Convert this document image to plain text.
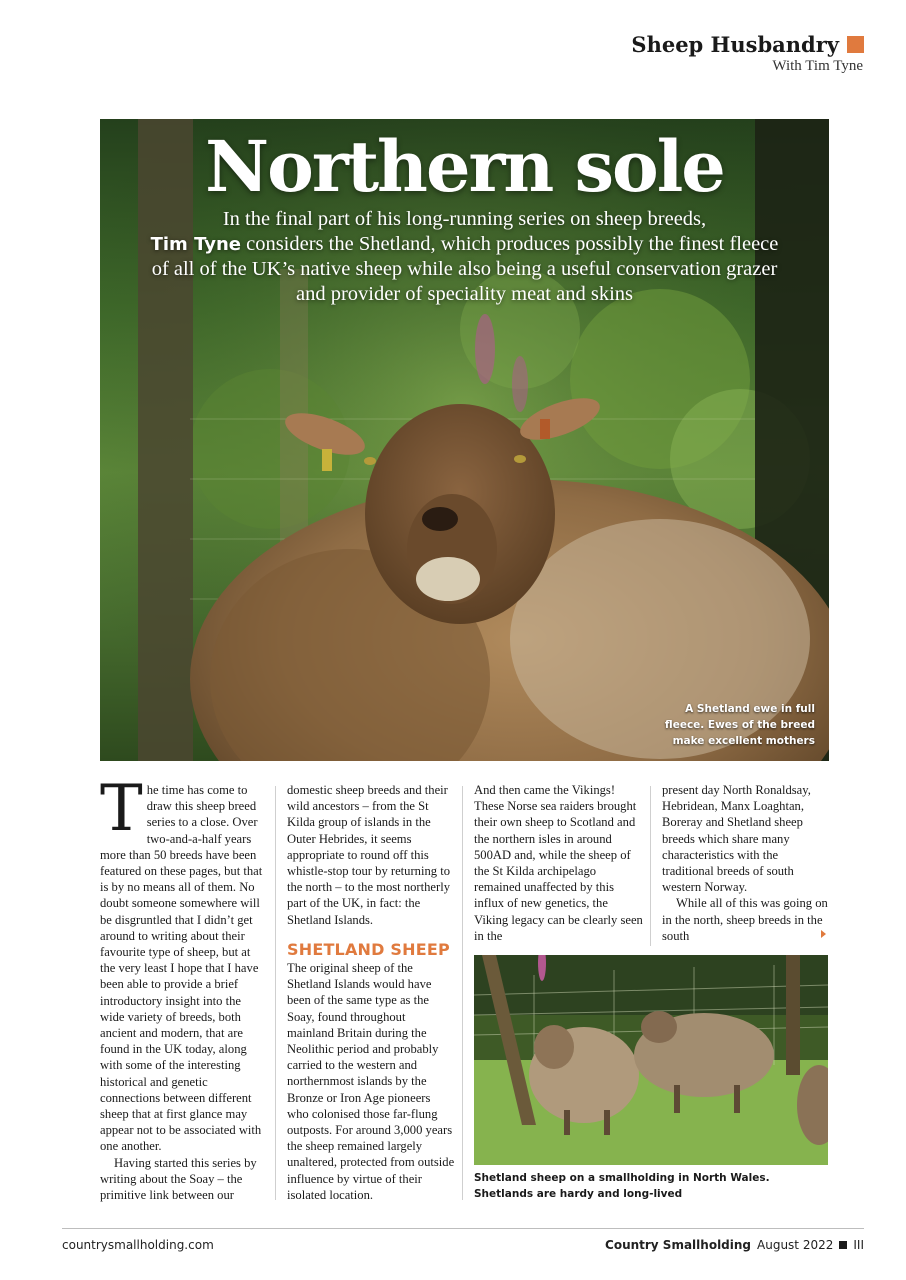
Sheep Husbandry
With Tim Tyne
Northern sole
In the final part of his long-running series on sheep breeds,
Tim Tyne considers the Shetland, which produces possibly the finest fleece of all of the UK’s native sheep while also being a useful conservation grazer and provider of speciality meat and skins
A Shetland ewe in full fleece. Ewes of the breed make excellent mothers

The time has come to draw this sheep breed series to a close. Over two-and-a-half years more than 50 breeds have been featured on these pages, but that is by no means all of them. No doubt someone somewhere will be disgruntled that I didn’t get around to writing about their favourite type of sheep, but at the very least I hope that I have been able to provide a brief introductory insight into the wide variety of breeds, both ancient and modern, that are found in the UK today, along with some of the interesting historical and genetic connections between different sheep that at first glance may appear not to be associated with one another.

Having started this series by writing about the Soay – the primitive link between our

domestic sheep breeds and their wild ancestors – from the St Kilda group of islands in the Outer Hebrides, it seems appropriate to round off this whistle-stop tour by returning to the north – to the most northerly part of the UK, in fact: the Shetland Islands.

SHETLAND SHEEP

The original sheep of the Shetland Islands would have been of the same type as the Soay, found throughout mainland Britain during the Neolithic period and probably carried to the western and northernmost islands by the Bronze or Iron Age pioneers who colonised those far-flung outposts. For around 3,000 years the sheep remained largely unaltered, protected from outside influence by virtue of their isolated location.

And then came the Vikings! These Norse sea raiders brought their own sheep to Scotland and the northern isles in around 500AD and, while the sheep of the St Kilda archipelago remained unaffected by this influx of new genetics, the Viking legacy can be clearly seen in the

present day North Ronaldsay, Hebridean, Manx Loaghtan, Boreray and Shetland sheep breeds which share many characteristics with the traditional breeds of south western Norway.

While all of this was going on in the north, sheep breeds in the south

Shetland sheep on a smallholding in North Wales. Shetlands are hardy and long-lived
countrysmallholding.com	Country Smallholding August 2022 III
